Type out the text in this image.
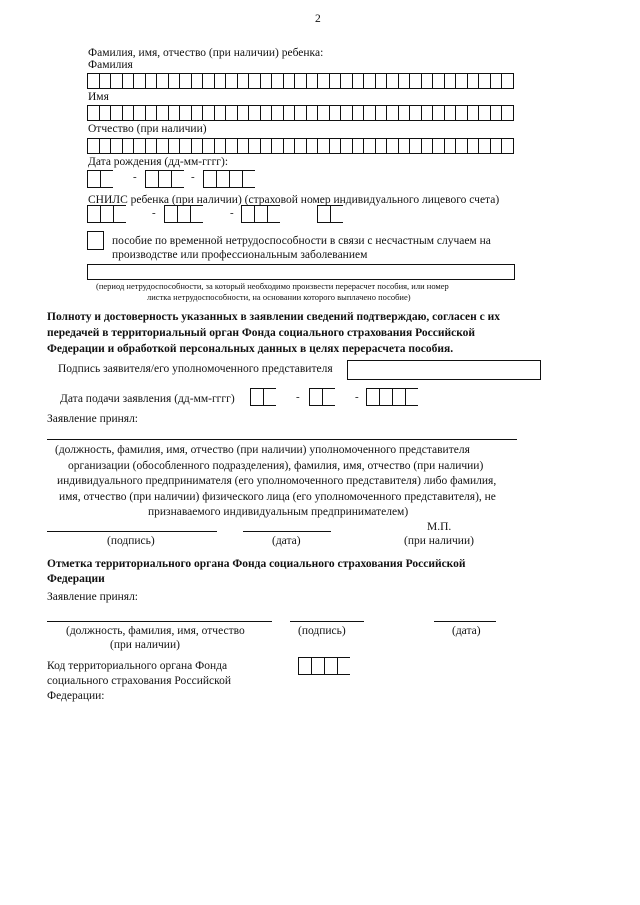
2
Фамилия, имя, отчество (при наличии) ребенка:
Фамилия
Имя
Отчество (при наличии)
Дата рождения (дд-мм-гггг):
-	-
СНИЛС ребенка (при наличии) (страховой номер индивидуального лицевого счета)
-	-
пособие по временной нетрудоспособности в связи с несчастным случаем на
производстве или профессиональным заболеванием
(период нетрудоспособности, за который необходимо произвести перерасчет пособия, или номер
листка нетрудоспособности, на основании которого выплачено пособие)
Полноту и достоверность указанных в заявлении сведений подтверждаю, согласен с их
передачей в территориальный орган Фонда социального страхования Российской
Федерации и обработкой персональных данных в целях перерасчета пособия.
Подпись заявителя/его уполномоченного представителя
Дата подачи заявления (дд-мм-гггг)	-	-
Заявление принял:
(должность, фамилия, имя, отчество (при наличии) уполномоченного представителя
организации (обособленного подразделения), фамилия, имя, отчество (при наличии)
индивидуального предпринимателя (его уполномоченного представителя) либо фамилия,
имя, отчество (при наличии) физического лица (его уполномоченного представителя), не
признаваемого индивидуальным предпринимателем)
М.П.
(подпись)	(дата)	(при наличии)
Отметка территориального органа Фонда социального страхования Российской
Федерации
Заявление принял:
(должность, фамилия, имя, отчество
(при наличии)
(подпись)	(дата)
Код территориального органа Фонда
социального страхования Российской
Федерации:
